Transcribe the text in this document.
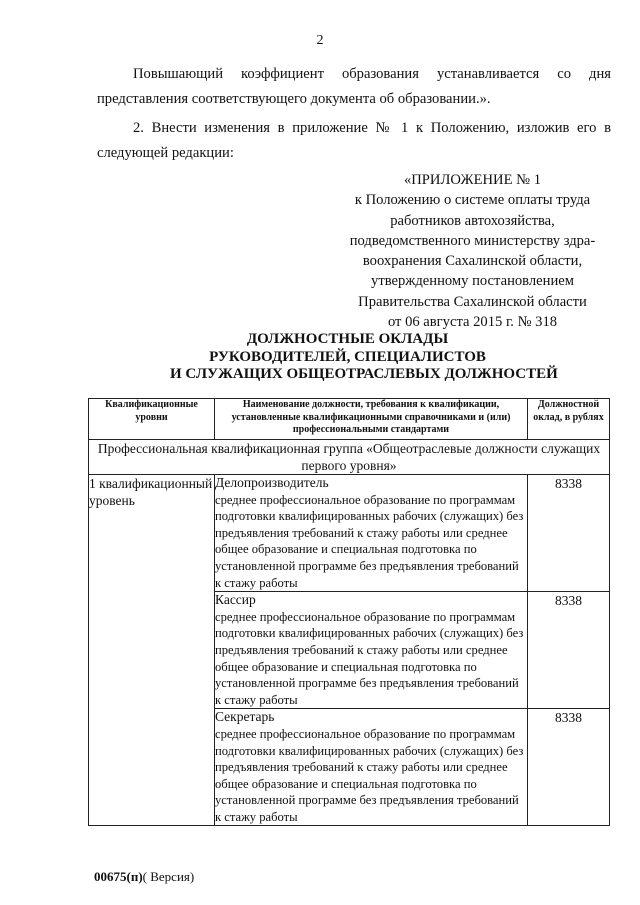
2
Повышающий коэффициент образования устанавливается со дня представления соответствующего документа об образовании.».
2. Внести изменения в приложение № 1 к Положению, изложив его в следующей редакции:
«ПРИЛОЖЕНИЕ № 1
к Положению о системе оплаты труда
работников автохозяйства,
подведомственного министерству здра-
воохранения Сахалинской области,
утвержденному постановлением
Правительства Сахалинской области
от 06 августа 2015 г. № 318
ДОЛЖНОСТНЫЕ ОКЛАДЫ
РУКОВОДИТЕЛЕЙ, СПЕЦИАЛИСТОВ
И СЛУЖАЩИХ ОБЩЕОТРАСЛЕВЫХ ДОЛЖНОСТЕЙ
Квалификационные уровни	Наименование должности, требования к квалификации, установленные квалификационными справочниками и (или) профессиональными стандартами	Должностной оклад, в рублях
Профессиональная квалификационная группа «Общеотраслевые должности служащих первого уровня»		
1 квалификационный уровень	Делопроизводитель
среднее профессиональное образование по программам подготовки квалифицированных рабочих (служащих) без предъявления требований к стажу работы или среднее общее образование и специальная подготовка по установленной программе без предъявления требований к стажу работы	8338

	Кассир
среднее профессиональное образование по программам подготовки квалифицированных рабочих (служащих) без предъявления требований к стажу работы или среднее общее образование и специальная подготовка по установленной программе без предъявления требований к стажу работы	8338

	Секретарь
среднее профессиональное образование по программам подготовки квалифицированных рабочих (служащих) без предъявления требований к стажу работы или среднее общее образование и специальная подготовка по установленной программе без предъявления требований к стажу работы	8338
00675(п)( Версия)
